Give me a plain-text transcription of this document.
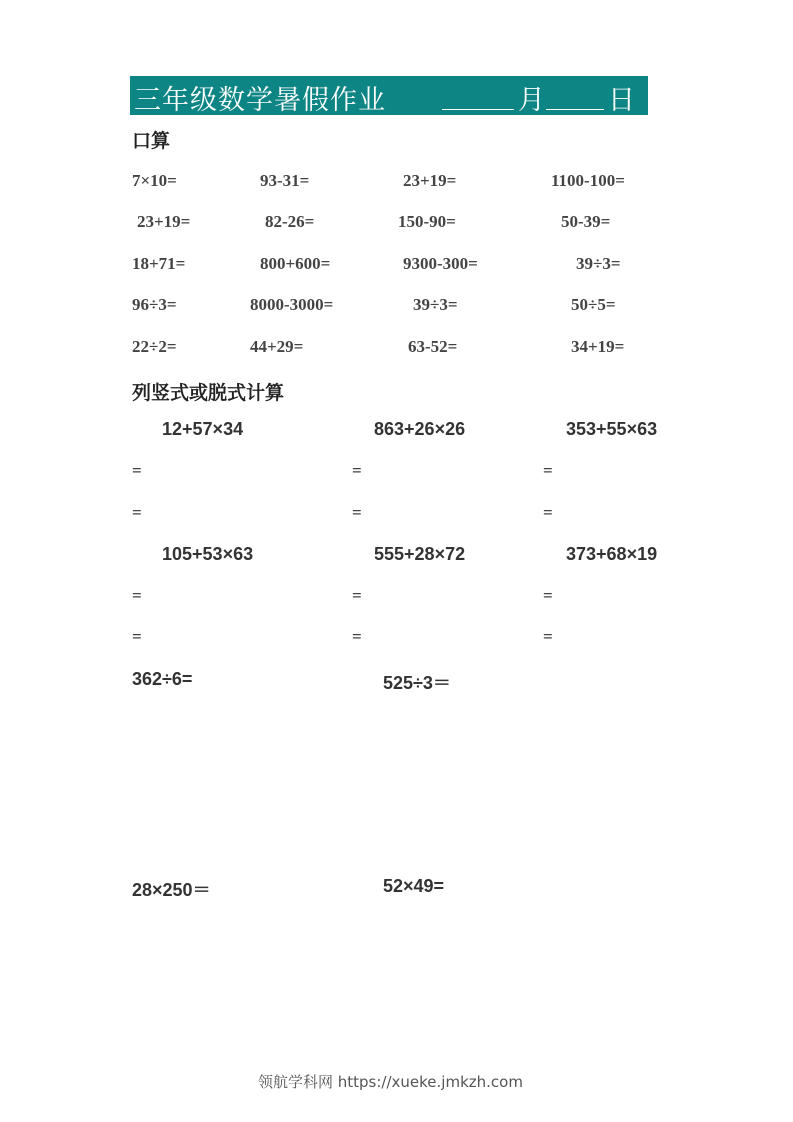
三年级数学暑假作业	月 日
口算
7×10=	93-31=	23+19=	1100-100=
23+19=	82-26=	150-90=	50-39=
18+71=	800+600=	9300-300=	39÷3=
96÷3=	8000-3000=	39÷3=	50÷5=
22÷2=	44+29=	63-52=	34+19=
列竖式或脱式计算
12+57×34	863+26×26	353+55×63
=	=	=
=	=	=
105+53×63	555+28×72	373+68×19
=	=	=
=	=	=
362÷6=	525÷3＝
28×250＝	52×49=
领航学科网 https://xueke.jmkzh.com
